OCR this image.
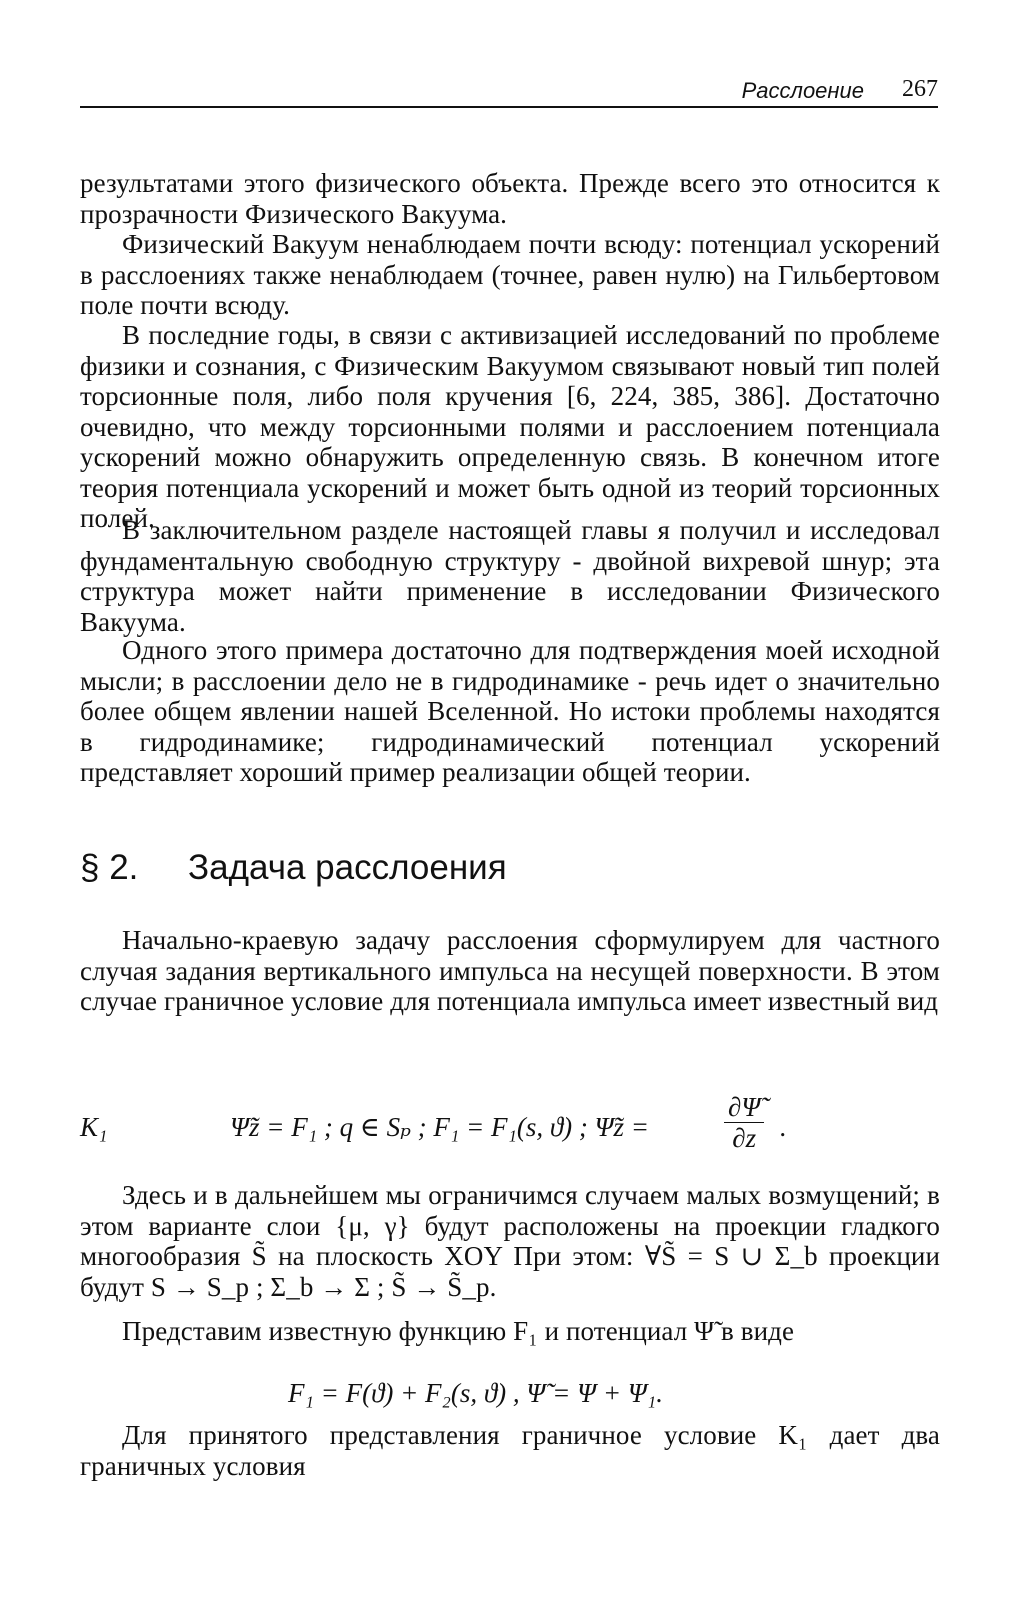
Расслоение 267

результатами этого физического объекта. Прежде всего это относится к прозрачности Физического Вакуума.

Физический Вакуум ненаблюдаем почти всюду: потенциал ускорений в расслоениях также ненаблюдаем (точнее, равен нулю) на Гильбертовом поле почти всюду.

В последние годы, в связи с активизацией исследований по проблеме физики и сознания, с Физическим Вакуумом связывают новый тип полей торсионные поля, либо поля кручения [6, 224, 385, 386]. Достаточно очевидно, что между торсионными полями и расслоением потенциала ускорений можно обнаружить определенную связь. В конечном итоге теория потенциала ускорений и может быть одной из теорий торсионных полей.

В заключительном разделе настоящей главы я получил и исследовал фундаментальную свободную структуру - двойной вихревой шнур; эта структура может найти применение в исследовании Физического Вакуума.

Одного этого примера достаточно для подтверждения моей исходной мысли; в расслоении дело не в гидродинамике - речь идет о значительно более общем явлении нашей Вселенной. Но истоки проблемы находятся в гидродинамике; гидродинамический потенциал ускорений представляет хороший пример реализации общей теории.

§ 2. Задача расслоения

Начально-краевую задачу расслоения сформулируем для частного случая задания вертикального импульса на несущей поверхности. В этом случае граничное условие для потенциала импульса имеет известный вид

K₁	Ψ̃z = F₁ ; q ∈ Sₚ ; F₁ = F₁(s, ϑ) ; Ψ̃z =	$\frac{\partial\Psĩ}{\partial z}$ .

Здесь и в дальнейшем мы ограничимся случаем малых возмущений; в этом варианте слои {μ, γ} будут расположены на проекции гладкого многообразия S̃ на плоскость XOY При этом: ∀S̃ = S ∪ Σ_b проекции будут S → S_p ; Σ_b → Σ ; S̃ → S̃_p.

Представим известную функцию F₁ и потенциал Ψ̃ в виде

F₁ = F(ϑ) + F₂(s, ϑ) , Ψ̃ = Ψ + Ψ₁.

Для принятого представления граничное условие K₁ дает два граничных условия
